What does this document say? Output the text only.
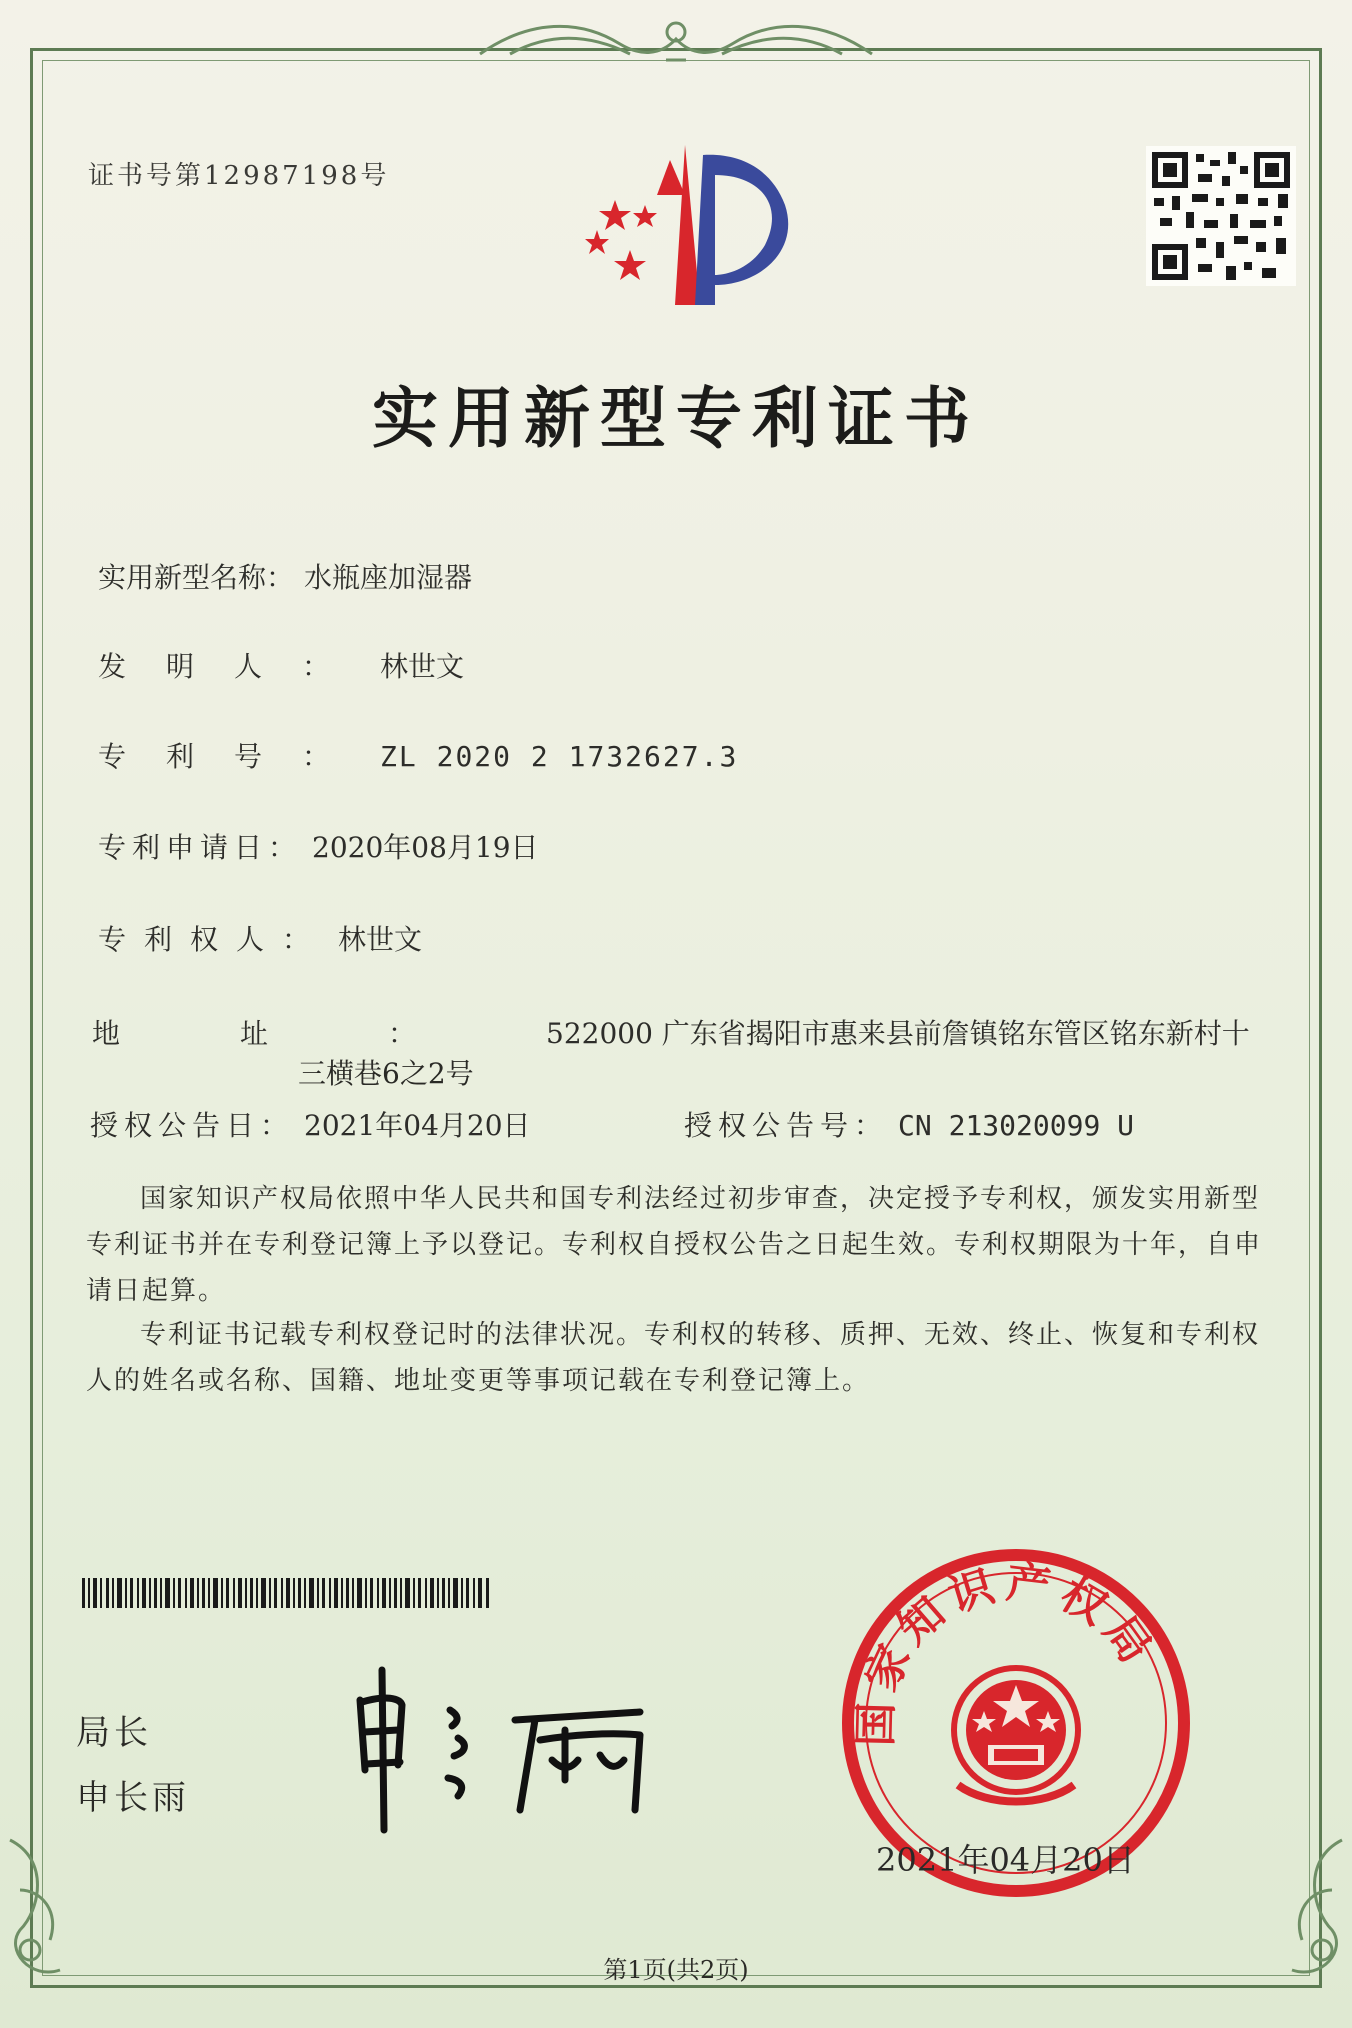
证书号第12987198号
实用新型专利证书
实用新型名称： 水瓶座加湿器
发明人： 林世文
专利号： ZL 2020 2 1732627.3
专利申请日： 2020年08月19日
专利权人： 林世文
地址： 522000 广东省揭阳市惠来县前詹镇铭东管区铭东新村十
三横巷6之2号
授权公告日： 2021年04月20日	授权公告号： CN 213020099 U
国家知识产权局依照中华人民共和国专利法经过初步审查，决定授予专利权，颁发实用新型专利证书并在专利登记簿上予以登记。专利权自授权公告之日起生效。专利权期限为十年，自申请日起算。
专利证书记载专利权登记时的法律状况。专利权的转移、质押、无效、终止、恢复和专利权人的姓名或名称、国籍、地址变更等事项记载在专利登记簿上。
局长
申长雨
国家知识产权局
2021年04月20日
第1页(共2页)
